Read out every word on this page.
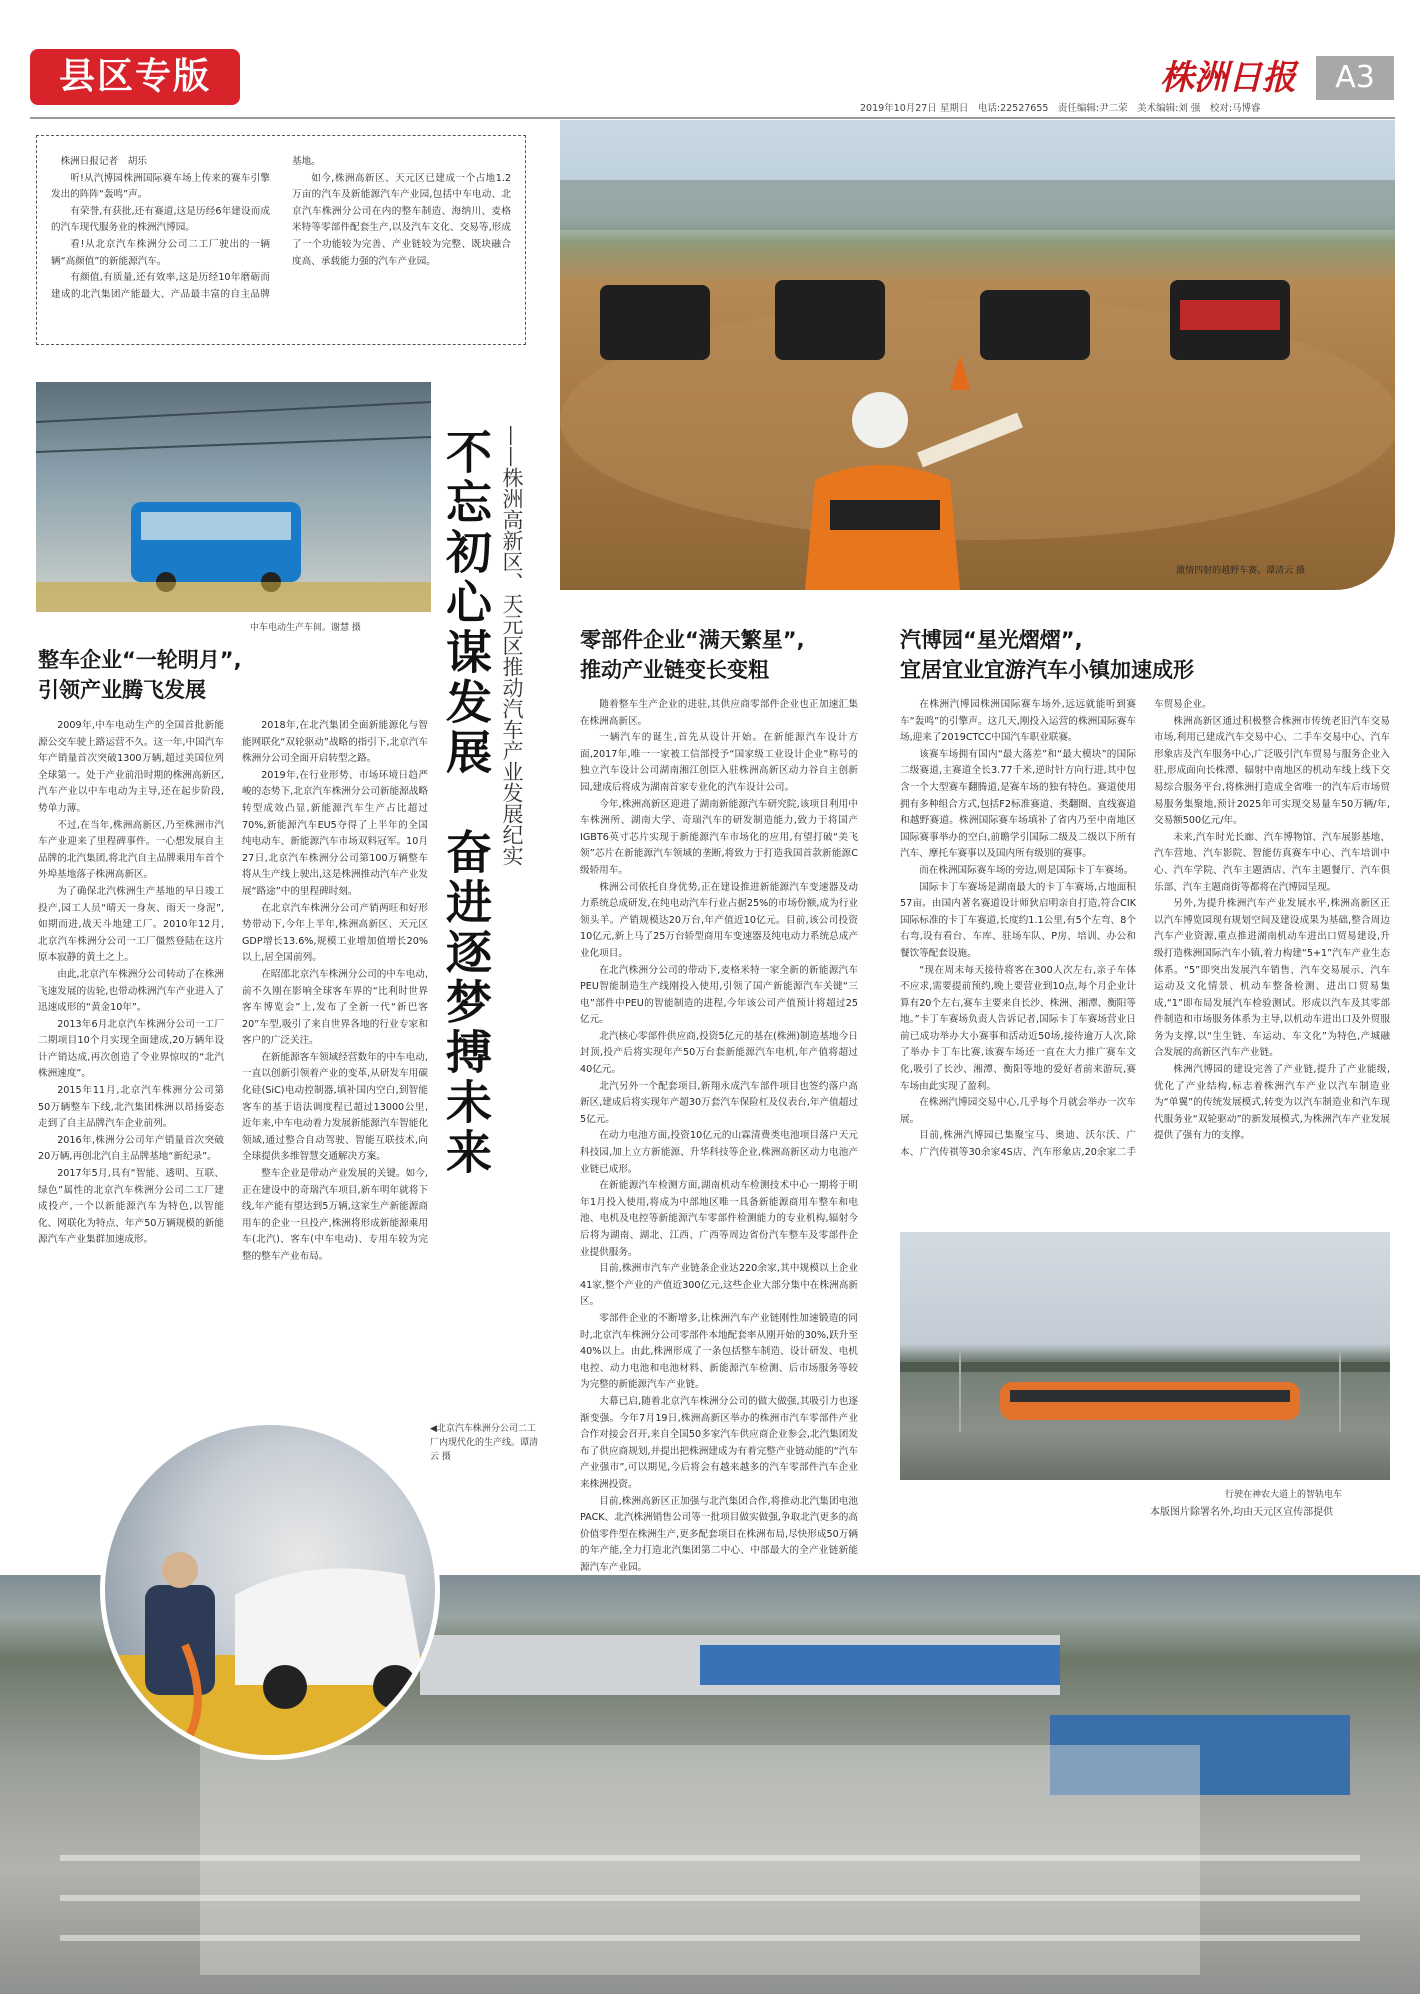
县区专版	株洲日报	A3
2019年10月27日 星期日　电话:22527655　责任编辑:尹二荣　美术编辑:刘 强　校对:马博睿

株洲日报记者　胡乐

听!从汽博园株洲国际赛车场上传来的赛车引擎发出的阵阵“轰鸣”声。

有荣誉,有获批,还有赛道,这是历经6年建设而成的汽车现代服务业的株洲汽博园。

看!从北京汽车株洲分公司二工厂驶出的一辆辆“高颜值”的新能源汽车。

有颜值,有质量,还有效率,这是历经10年磨砺而建成的北汽集团产能最大、产品最丰富的自主品牌基地。

如今,株洲高新区、天元区已建成一个占地1.2万亩的汽车及新能源汽车产业园,包括中车电动、北京汽车株洲分公司在内的整车制造、海纳川、麦格米特等零部件配套生产,以及汽车文化、交易等,形成了一个功能较为完善、产业链较为完整、既块融合度高、承载能力强的汽车产业园。

激情四射的越野车赛。谭清云 摄
中车电动生产车间。谢慧 摄 不忘初心谋发展　奋进逐梦搏未来 ——株洲高新区、天元区推动汽车产业发展纪实
整车企业“一轮明月”,
引领产业腾飞发展

2009年,中车电动生产的全国首批新能源公交车驶上路运营不久。这一年,中国汽车年产销量首次突破1300万辆,超过美国位列全球第一。处于产业前沿时期的株洲高新区,汽车产业以中车电动为主导,还在起步阶段,势单力薄。

不过,在当年,株洲高新区,乃至株洲市汽车产业迎来了里程碑事件。一心想发展自主品牌的北汽集团,将北汽自主品牌乘用车首个外埠基地落子株洲高新区。

为了确保北汽株洲生产基地的早日竣工投产,园工人员“晴天一身灰、雨天一身泥”,如期而进,战天斗地建工厂。2010年12月,北京汽车株洲分公司一工厂僵然登陆在这片原本寂静的黄土之上。

由此,北京汽车株洲分公司转动了在株洲飞速发展的齿轮,也带动株洲汽车产业进入了迅速成形的“黄金10年”。

2013年6月北京汽车株洲分公司一工厂二期项目10个月实现全面建成,20万辆年设计产销达成,再次创造了令业界惊叹的“北汽株洲速度”。

2015年11月,北京汽车株洲分公司第50万辆整车下线,北汽集团株洲以昂扬姿态走到了自主品牌汽车企业前列。

2016年,株洲分公司年产销量首次突破20万辆,再创北汽自主品牌基地“新纪录”。

2017年5月,具有“智能、透明、互联、绿色”属性的北京汽车株洲分公司二工厂建成投产,一个以新能源汽车为特色,以智能化、网联化为特点、年产50万辆规模的新能源汽车产业集群加速成形。

2018年,在北汽集团全面新能源化与智能网联化“双轮驱动”战略的指引下,北京汽车株洲分公司全面开启转型之路。

2019年,在行业形势、市场环境日趋严峻的态势下,北京汽车株洲分公司新能源战略转型成效凸显,新能源汽车生产占比超过70%,新能源汽车EU5夺得了上半年的全国纯电动车、新能源汽车市场双料冠军。10月27日,北京汽车株洲分公司第100万辆整车将从生产线上驶出,这是株洲推动汽车产业发展“路途”中的里程碑时刻。

在北京汽车株洲分公司产销两旺和好形势带动下,今年上半年,株洲高新区、天元区GDP增长13.6%,规模工业增加值增长20%以上,居全国前列。

在昭邵北京汽车株洲分公司的中车电动,前不久刚在影响全球客车界的“比利时世界客车博览会”上,发布了全新一代“新巴客20”车型,吸引了来自世界各地的行业专家和客户的广泛关注。

在新能源客车领域经营数年的中车电动,一直以创新引领着产业的变革,从研发车用碳化硅(SiC)电动控制器,填补国内空白,到智能客车的基于语法调度程已超过13000公里,近年来,中车电动着力发展新能源汽车智能化领域,通过整合自动驾驶、智能互联技术,向全球提供多维智慧交通解决方案。

整车企业是带动产业发展的关键。如今,正在建设中的奇瑞汽车项目,新车明年就将下线,年产能有望达到5万辆,这家生产新能源商用车的企业一旦投产,株洲将形成新能源乘用车(北汽)、客车(中车电动)、专用车较为完整的整车产业布局。

零部件企业“满天繁星”,
推动产业链变长变粗

随着整车生产企业的进驻,其供应商零部件企业也正加速汇集在株洲高新区。

一辆汽车的诞生,首先从设计开始。在新能源汽车设计方面,2017年,唯一一家被工信部授予“国家级工业设计企业”称号的独立汽车设计公司湖南湘江创臣入驻株洲高新区动力谷自主创新园,建成后将成为湖南首家专业化的汽车设计公司。

今年,株洲高新区迎进了湖南新能源汽车研究院,该项目利用中车株洲所、湖南大学、奇瑞汽车的研发制造能力,致力于将国产IGBT6英寸芯片实现于新能源汽车市场化的应用,有望打破“美飞领”芯片在新能源汽车领域的垄断,将致力于打造我国首款新能源C级轿用车。

株洲公司依托自身优势,正在建设推进新能源汽车变速器及动力系统总成研发,在纯电动汽车行业占据25%的市场份额,成为行业领头羊。产销规模达20万台,年产值近10亿元。目前,该公司投资10亿元,新上马了25万台轿型商用车变速器及纯电动力系统总成产业化项目。

在北汽株洲分公司的带动下,麦格米特一家全新的新能源汽车PEU智能制造生产线刚投入使用,引领了国产新能源汽车关键“三电”部件中PEU的智能制造的进程,今年该公司产值预计将超过25亿元。

北汽核心零部件供应商,投资5亿元的基在(株洲)制造基地今日封顶,投产后将实现年产50万台套新能源汽车电机,年产值将超过40亿元。

北汽另外一个配套项目,新翔永成汽车部件项目也签约落户高新区,建成后将实现年产超30万套汽车保险杠及仪表台,年产值超过5亿元。

在动力电池方面,投资10亿元的山霖清费类电池项目落户天元科技园,加上立方新能源、升华科技等企业,株洲高新区动力电池产业链已成形。

在新能源汽车检测方面,湖南机动车检测技术中心一期将于明年1月投入使用,将成为中部地区唯一具备新能源商用车整车和电池、电机及电控等新能源汽车零部件检测能力的专业机构,辐射今后将为湖南、湖北、江西、广西等周边省份汽车整车及零部件企业提供服务。

目前,株洲市汽车产业链条企业达220余家,其中规模以上企业41家,整个产业的产值近300亿元,这些企业大部分集中在株洲高新区。

零部件企业的不断增多,让株洲汽车产业链刚性加速锻造的同时,北京汽车株洲分公司零部件本地配套率从刚开始的30%,跃升至40%以上。由此,株洲形成了一条包括整车制造、设计研发、电机电控、动力电池和电池材料、新能源汽车检测、后市场服务等较为完整的新能源汽车产业链。

大幕已启,随着北京汽车株洲分公司的做大做强,其吸引力也逐渐变强。今年7月19日,株洲高新区举办的株洲市汽车零部件产业合作对接会召开,来自全国50多家汽车供应商企业参会,北汽集团发布了供应商规划,并提出把株洲建成为有着完整产业链动能的“汽车产业强市”,可以期见,今后将会有越来越多的汽车零部件汽车企业来株洲投资。

目前,株洲高新区正加强与北汽集团合作,将推动北汽集团电池PACK、北汽株洲销售公司等一批项目做实做强,争取北汽更多的高价值零件型在株洲生产,更多配套项目在株洲布局,尽快形成50万辆的年产能,全力打造北汽集团第二中心、中部最大的全产业链新能源汽车产业园。

汽博园“星光熠熠”,
宜居宜业宜游汽车小镇加速成形

在株洲汽博园株洲国际赛车场外,远远就能听到赛车“轰鸣”的引擎声。这几天,刚投入运营的株洲国际赛车场,迎来了2019CTCC中国汽车职业联赛。

该赛车场拥有国内“最大落差”和“最大模块”的国际二级赛道,主赛道全长3.77千米,逆时针方向行进,其中包含一个大型赛车翻腾道,是赛车场的独有特色。赛道使用拥有多种组合方式,包括F2标准赛道、类翻圈、直线赛道和越野赛道。株洲国际赛车场填补了省内乃至中南地区国际赛事举办的空白,前瞻学引国际二级及二级以下所有汽车、摩托车赛事以及国内所有级别的赛事。

而在株洲国际赛车场的旁边,则是国际卡丁车赛场。

国际卡丁车赛场是湖南最大的卡丁车赛场,占地面积57亩。由国内著名赛道设计师狄启明亲自打造,符合CIK国际标准的卡丁车赛道,长度约1.1公里,有5个左弯、8个右弯,设有看台、车库、驻场车队、P房、培训、办公和餐饮等配套设施。

“现在周末每天接待将客在300人次左右,亲子车体不应求,需要提前预约,晚上要营业到10点,每个月企业计算有20个左右,赛车主要来自长沙、株洲、湘潭、衡阳等地。”卡丁车赛场负责人告诉记者,国际卡丁车赛场营业日前已成功举办大小赛事和活动近50场,接待逾万人次,除了举办卡丁车比赛,该赛车场还一直在大力推广赛车文化,吸引了长沙、湘潭、衡阳等地的爱好者前来游玩,赛车场由此实现了盈利。

在株洲汽博园交易中心,几乎每个月就会举办一次车展。

目前,株洲汽博园已集聚宝马、奥迪、沃尔沃、广本、广汽传祺等30余家4S店、汽车形象店,20余家二手车贸易企业。

株洲高新区通过积极整合株洲市传统老旧汽车交易市场,利用已建成汽车交易中心、二手车交易中心、汽车形象店及汽车服务中心,广泛吸引汽车贸易与服务企业入驻,形成面向长株潭、辐射中南地区的机动车线上线下交易综合服务平台,将株洲打造成全省唯一的汽车后市场贸易服务集聚地,预计2025年可实现交易量车50万辆/年,交易额500亿元/年。

未来,汽车时光长廊、汽车博物馆、汽车展影基地、汽车营地、汽车影院、智能仿真赛车中心、汽车培训中心、汽车学院、汽车主题酒店、汽车主题餐厅、汽车俱乐部、汽车主题商街等都将在汽博园呈现。

另外,为提升株洲汽车产业发展水平,株洲高新区正以汽车博览园现有规划空间及建设成果为基础,整合周边汽车产业资源,重点推进湖南机动车进出口贸易建设,升级打造株洲国际汽车小镇,着力构建“5+1”汽车产业生态体系。“5”即突出发展汽车销售、汽车交易展示、汽车运动及文化情景、机动车整备检测、进出口贸易集成,“1”即布局发展汽车检验测试。形成以汽车及其零部件制造和市场服务体系为主导,以机动车进出口及外贸服务为支撑,以“生生链、车运动、车文化”为特色,产城融合发展的高新区汽车产业链。

株洲汽博园的建设完善了产业链,提升了产业能级,优化了产业结构,标志着株洲汽车产业以汽车制造业为“单翼”的传统发展模式,转变为以汽车制造业和汽车现代服务业“双轮驱动”的新发展模式,为株洲汽车产业发展提供了强有力的支撑。

行驶在神农大道上的智轨电车
本版图片除署名外,均由天元区宣传部提供
◀北京汽车株洲分公司二工厂内现代化的生产线。谭清云 摄
